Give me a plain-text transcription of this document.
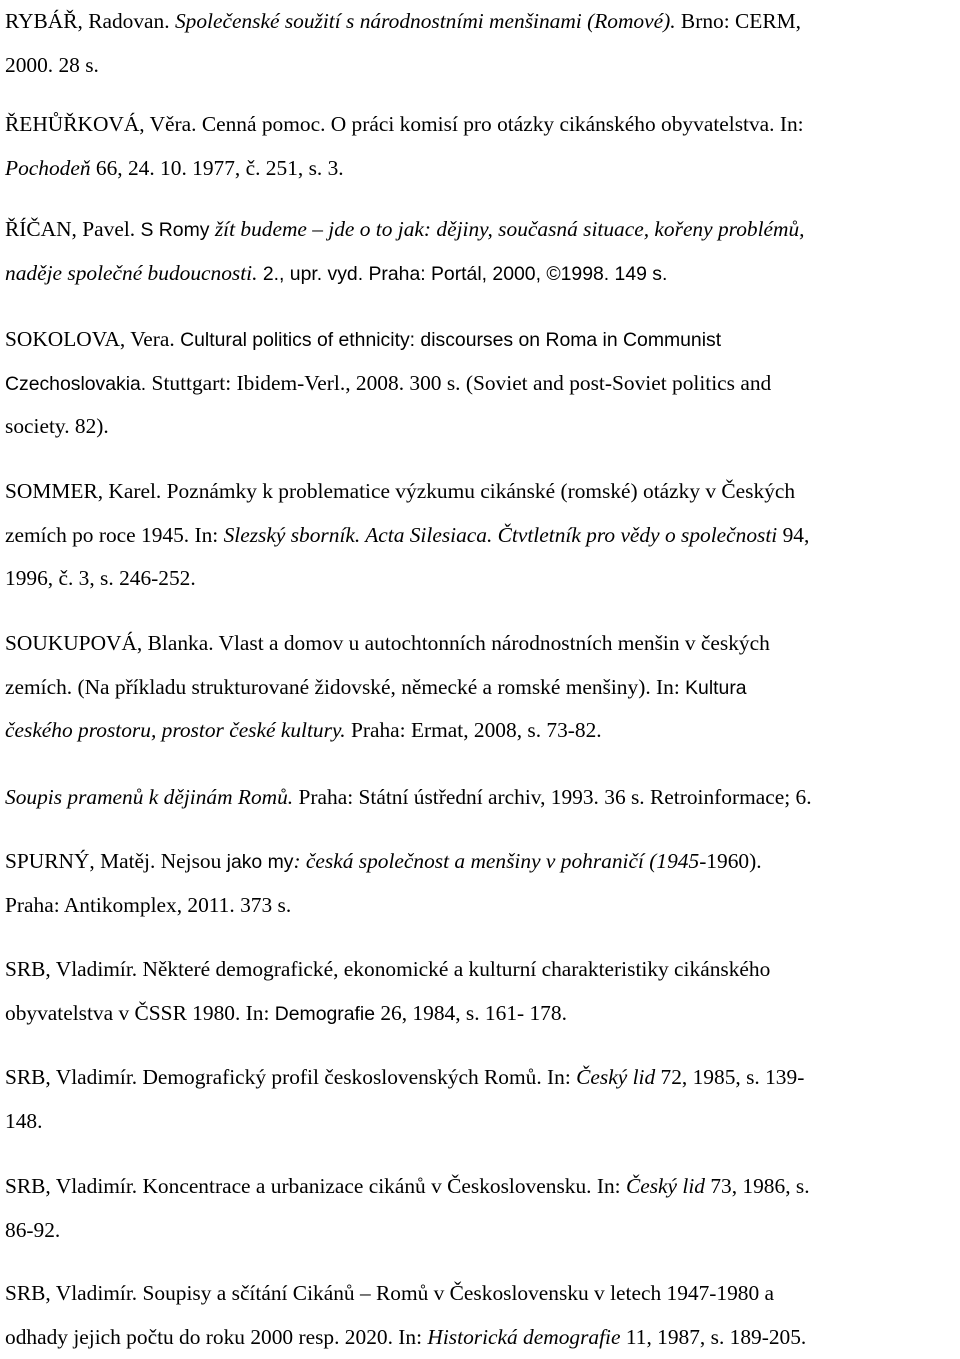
RYBÁŘ, Radovan. Společenské soužití s národnostními menšinami (Romové). Brno: CERM,
2000. 28 s.
ŘEHŮŘKOVÁ, Věra. Cenná pomoc. O práci komisí pro otázky cikánského obyvatelstva. In:
Pochodeň 66, 24. 10. 1977, č. 251, s. 3.
ŘÍČAN, Pavel. S Romy žít budeme – jde o to jak: dějiny, současná situace, kořeny problémů,
naděje společné budoucnosti. 2., upr. vyd. Praha: Portál, 2000, ©1998. 149 s.
SOKOLOVA, Vera. Cultural politics of ethnicity: discourses on Roma in Communist
Czechoslovakia. Stuttgart: Ibidem-Verl., 2008. 300 s. (Soviet and post-Soviet politics and
society. 82).
SOMMER, Karel. Poznámky k problematice výzkumu cikánské (romské) otázky v Českých
zemích po roce 1945. In: Slezský sborník. Acta Silesiaca. Čtvtletník pro vědy o společnosti 94,
1996, č. 3, s. 246-252.
SOUKUPOVÁ, Blanka. Vlast a domov u autochtonních národnostních menšin v českých
zemích. (Na příkladu strukturované židovské, německé a romské menšiny). In: Kultura
českého prostoru, prostor české kultury. Praha: Ermat, 2008, s. 73-82.
Soupis pramenů k dějinám Romů. Praha: Státní ústřední archiv, 1993. 36 s. Retroinformace; 6.
SPURNÝ, Matěj. Nejsou jako my: česká společnost a menšiny v pohraničí (1945-1960).
Praha: Antikomplex, 2011. 373 s.
SRB, Vladimír. Některé demografické, ekonomické a kulturní charakteristiky cikánského
obyvatelstva v ČSSR 1980. In: Demografie 26, 1984, s. 161- 178.
SRB, Vladimír. Demografický profil československých Romů. In: Český lid 72, 1985, s. 139-
148.
SRB, Vladimír. Koncentrace a urbanizace cikánů v Československu. In: Český lid 73, 1986, s.
86-92.
SRB, Vladimír. Soupisy a sčítání Cikánů – Romů v Československu v letech 1947-1980 a
odhady jejich počtu do roku 2000 resp. 2020. In: Historická demografie 11, 1987, s. 189-205.
